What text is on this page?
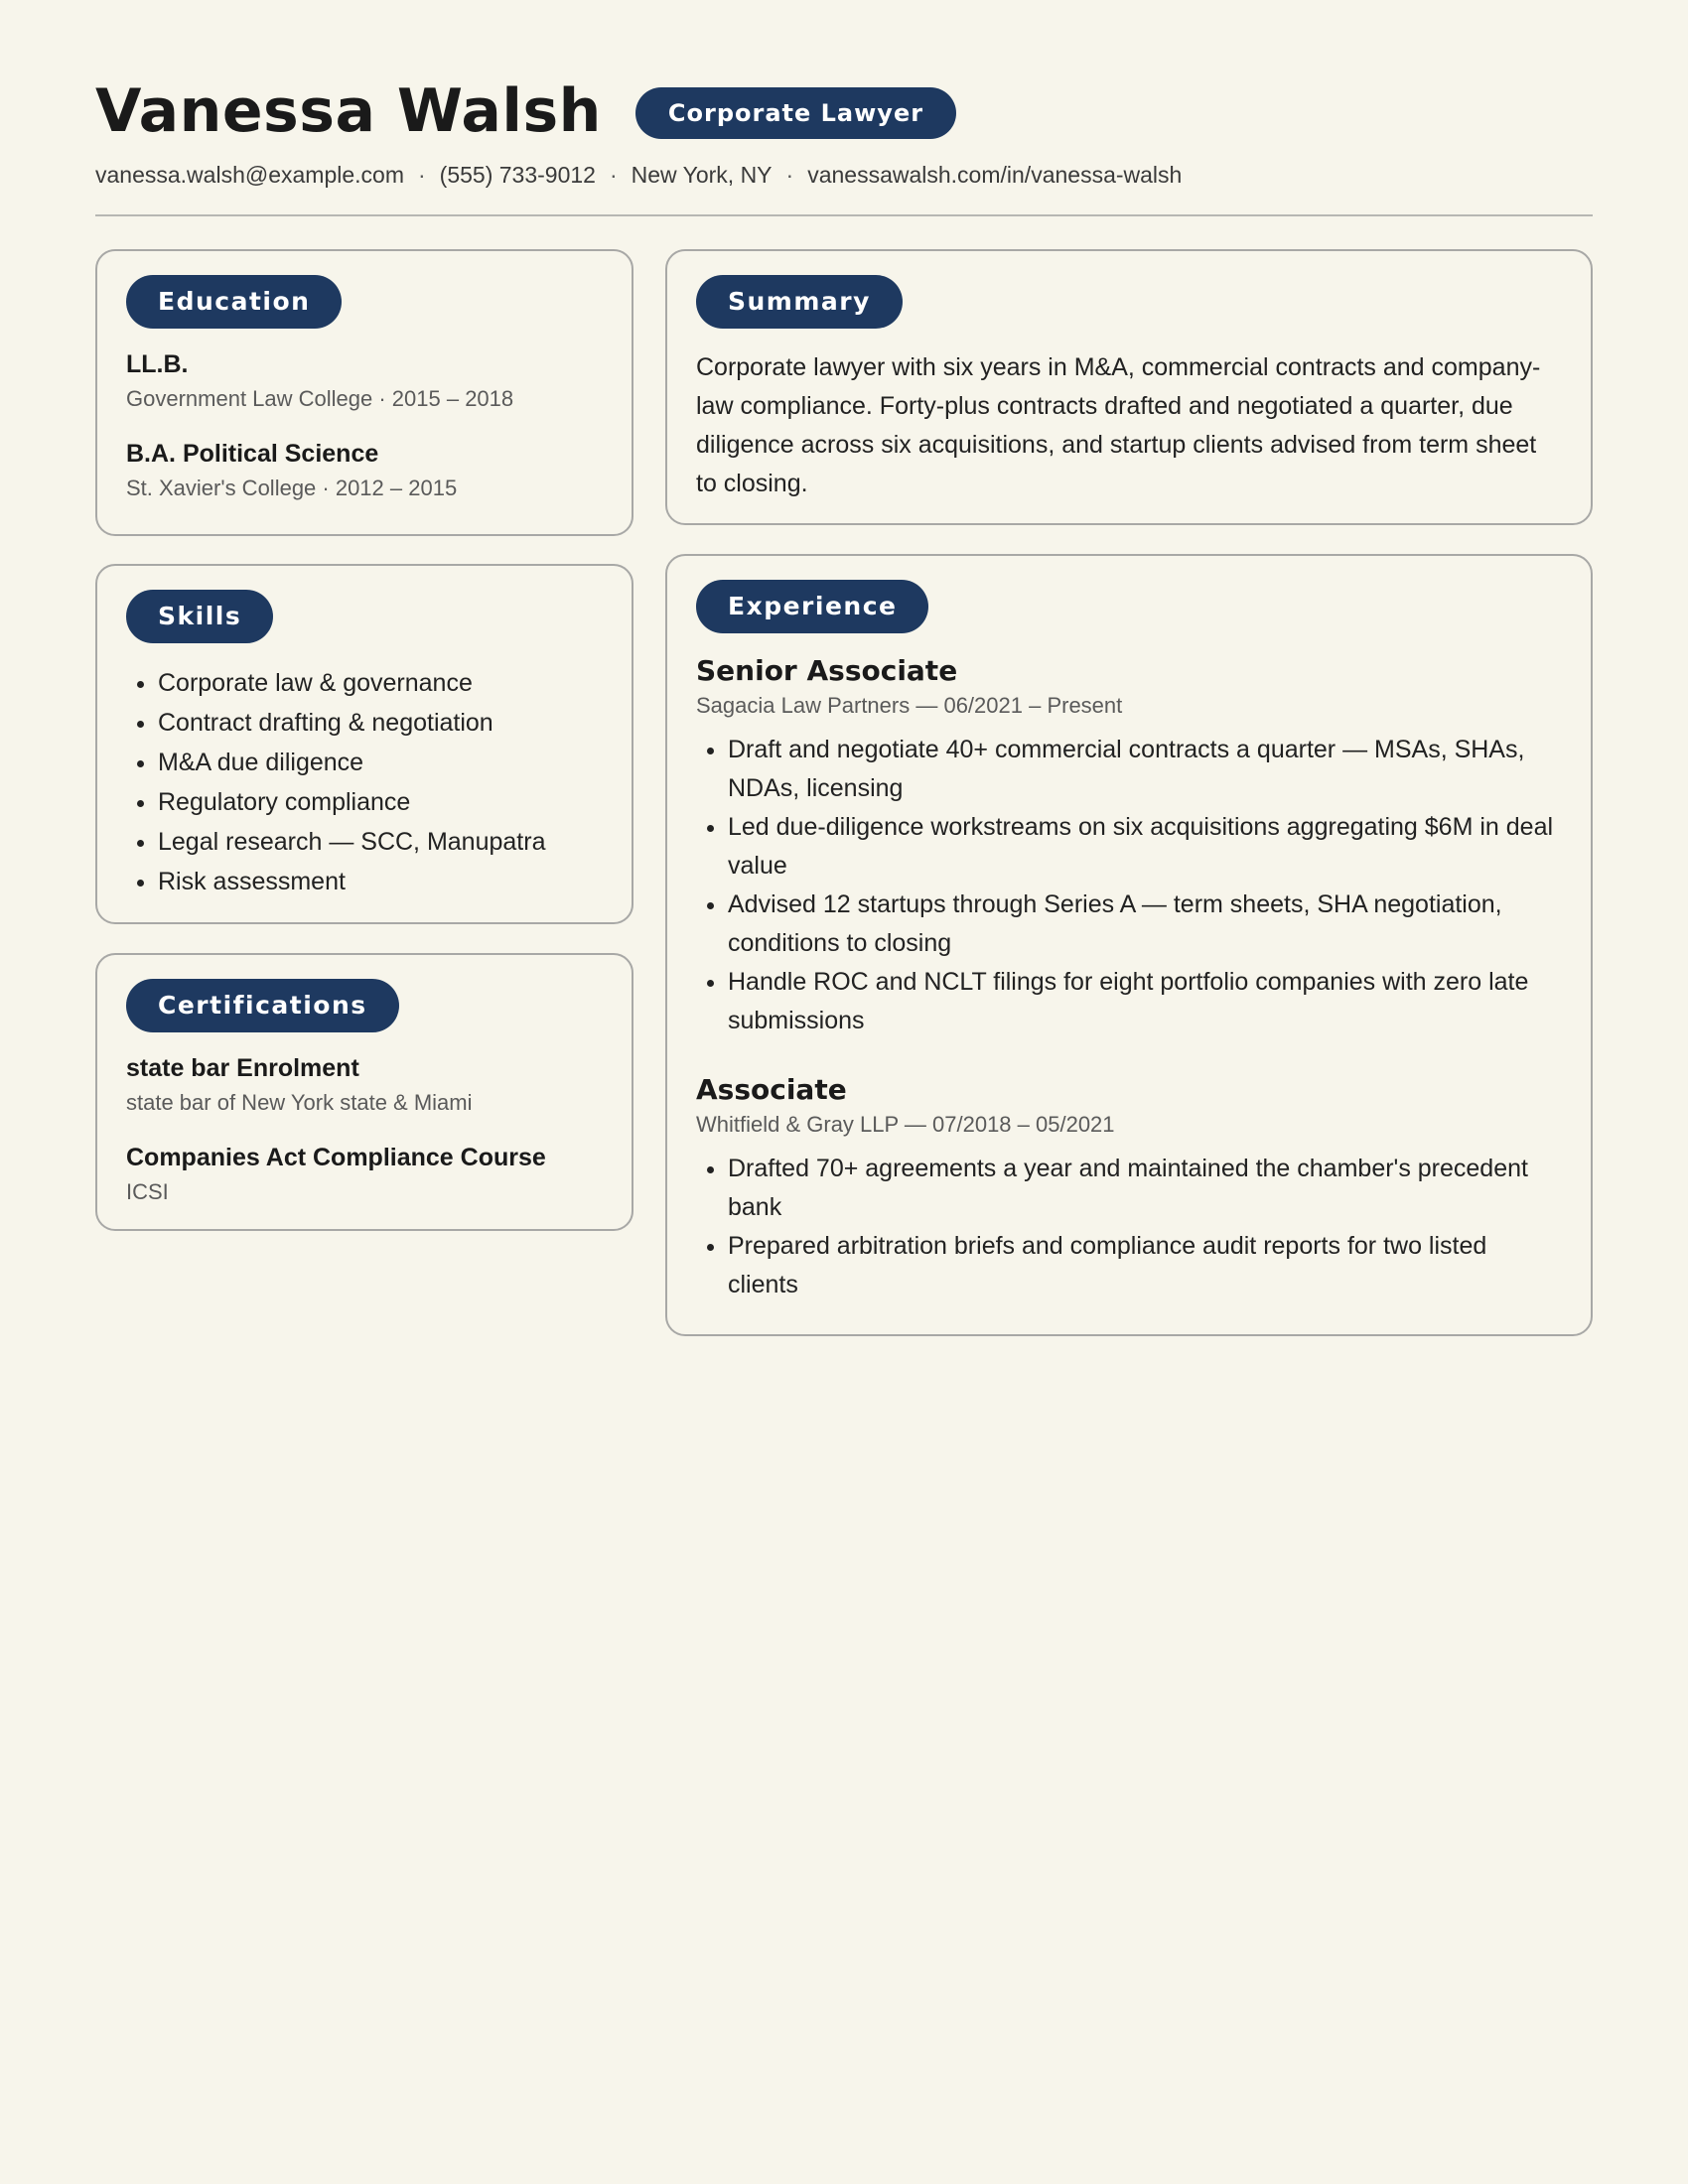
Vanessa Walsh	Corporate Lawyer
vanessa.walsh@example.com · (555) 733-9012 · New York, NY · vanessawalsh.com/in/vanessa-walsh
Education
LL.B.
Government Law College · 2015 – 2018
B.A. Political Science
St. Xavier's College · 2012 – 2015
Skills
• Corporate law & governance
• Contract drafting & negotiation
• M&A due diligence
• Regulatory compliance
• Legal research — SCC, Manupatra
• Risk assessment
Certifications
state bar Enrolment
state bar of New York state & Miami
Companies Act Compliance Course
ICSI
Summary
Corporate lawyer with six years in M&A, commercial contracts and company-law compliance. Forty-plus contracts drafted and negotiated a quarter, due diligence across six acquisitions, and startup clients advised from term sheet to closing.
Experience
Senior Associate
Sagacia Law Partners — 06/2021 – Present
• Draft and negotiate 40+ commercial contracts a quarter — MSAs, SHAs, NDAs, licensing
• Led due-diligence workstreams on six acquisitions aggregating $6M in deal value
• Advised 12 startups through Series A — term sheets, SHA negotiation, conditions to closing
• Handle ROC and NCLT filings for eight portfolio companies with zero late submissions
Associate
Whitfield & Gray LLP — 07/2018 – 05/2021
• Drafted 70+ agreements a year and maintained the chamber's precedent bank
• Prepared arbitration briefs and compliance audit reports for two listed clients
